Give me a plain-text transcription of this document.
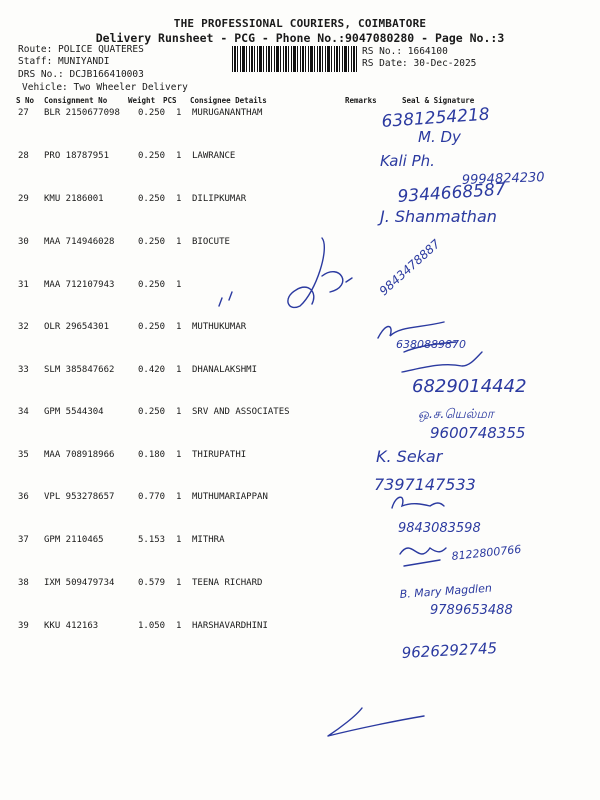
THE PROFESSIONAL COURIERS, COIMBATORE
Delivery Runsheet - PCG - Phone No.:9047080280 - Page No.:3
Route: POLICE QUATERES
Staff: MUNIYANDI
DRS No.: DCJB166410003
Vehicle: Two Wheeler Delivery
RS No.: 1664100
RS Date: 30-Dec-2025
S No Consignment No	Weight PCS Consignee Details	Remarks	Seal & Signature
27 BLR 2150677098 0.250 1 MURUGANANTHAM
28 PRO 18787951	0.250 1 LAWRANCE
29 KMU 2186001	0.250 1 DILIPKUMAR
30 MAA 714946028	0.250 1 BIOCUTE
31 MAA 712107943	0.250 1
32 OLR 29654301	0.250 1 MUTHUKUMAR
33 SLM 385847662	0.420 1 DHANALAKSHMI
34 GPM 5544304	0.250 1 SRV AND ASSOCIATES
35 MAA 708918966	0.180 1 THIRUPATHI
36 VPL 953278657	0.770 1 MUTHUMARIAPPAN
37 GPM 2110465	5.153 1 MITHRA
38 IXM 509479734	0.579 1 TEENA RICHARD
39 KKU 412163	1.050 1 HARSHAVARDHINI
6381254218
M. Dy
Kali Ph.
9994824230
9344668587
J. Shanmathan
9843478887
6380889870
6829014442
ஒ.ச.யெல்மா
9600748355
K. Sekar
7397147533
9843083598
8122800766
B. Mary Magdlen
9789653488
9626292745
